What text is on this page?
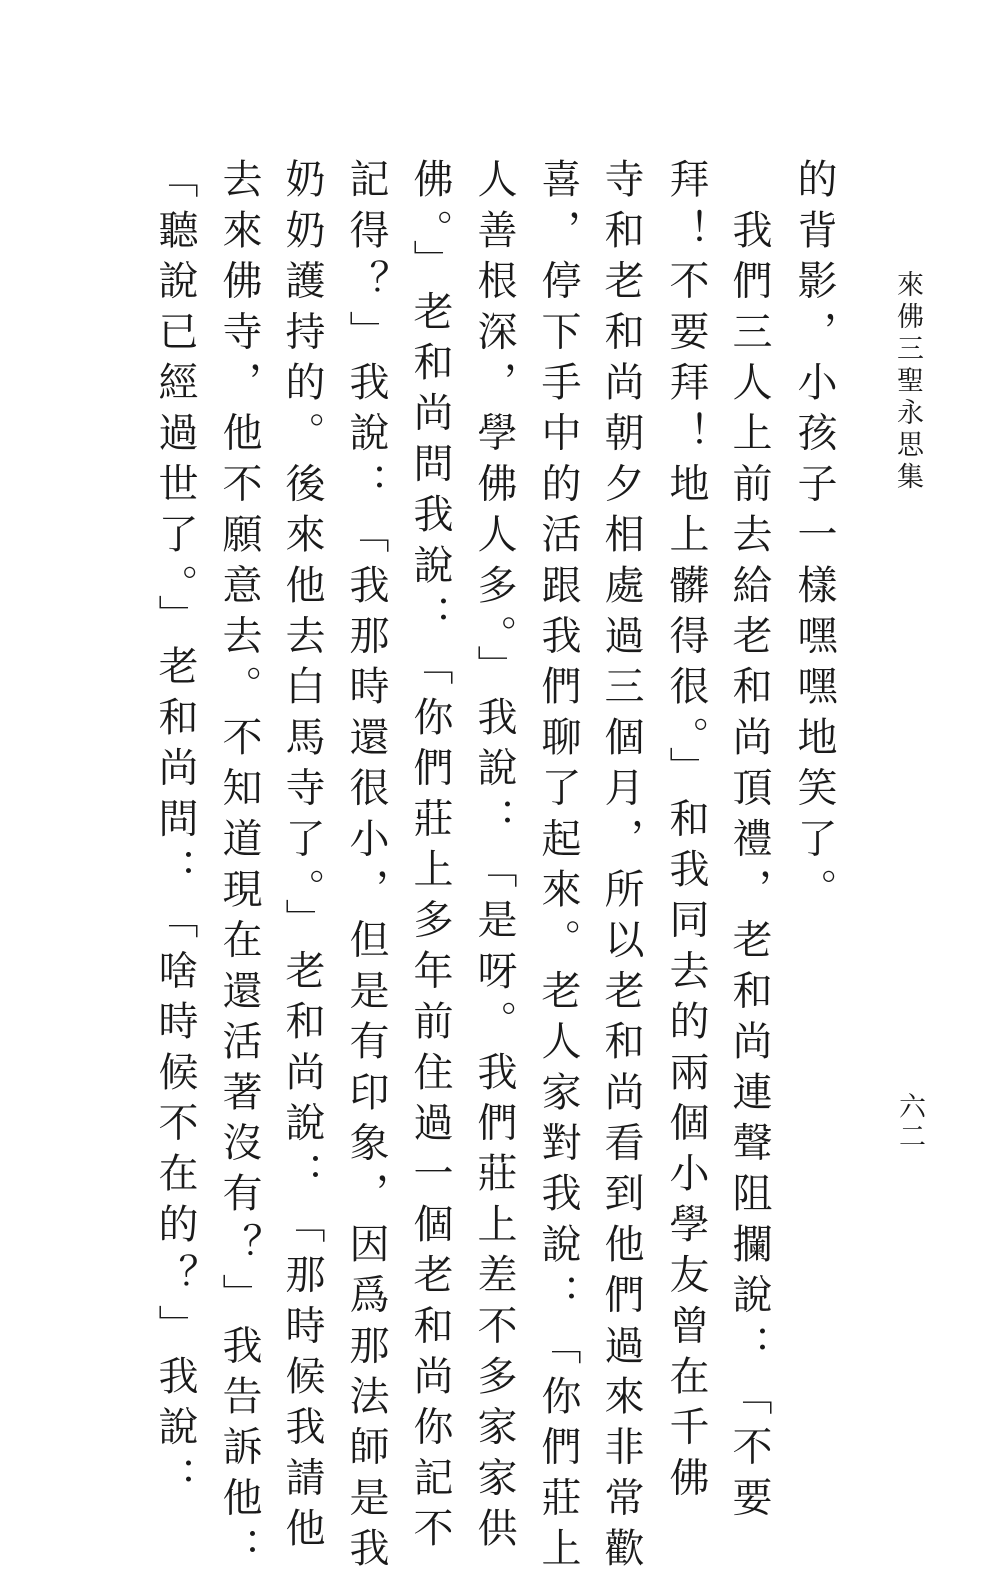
來佛三聖永思集
六二
的背影，小孩子一樣嘿嘿地笑了。
　我們三人上前去給老和尚頂禮，老和尚連聲阻攔說：「不要
拜！不要拜！地上髒得很。」和我同去的兩個小學友曾在千佛
寺和老和尚朝夕相處過三個月，所以老和尚看到他們過來非常歡
喜，停下手中的活跟我們聊了起來。老人家對我說：「你們莊上
人善根深，學佛人多。」我說：「是呀。我們莊上差不多家家供
佛。」老和尚問我說：「你們莊上多年前住過一個老和尚你記不
記得？」我說：「我那時還很小，但是有印象，因爲那法師是我
奶奶護持的。後來他去白馬寺了。」老和尚說：「那時候我請他
去來佛寺，他不願意去。不知道現在還活著沒有？」我告訴他：
「聽說已經過世了。」老和尚問：「啥時候不在的？」我說：
